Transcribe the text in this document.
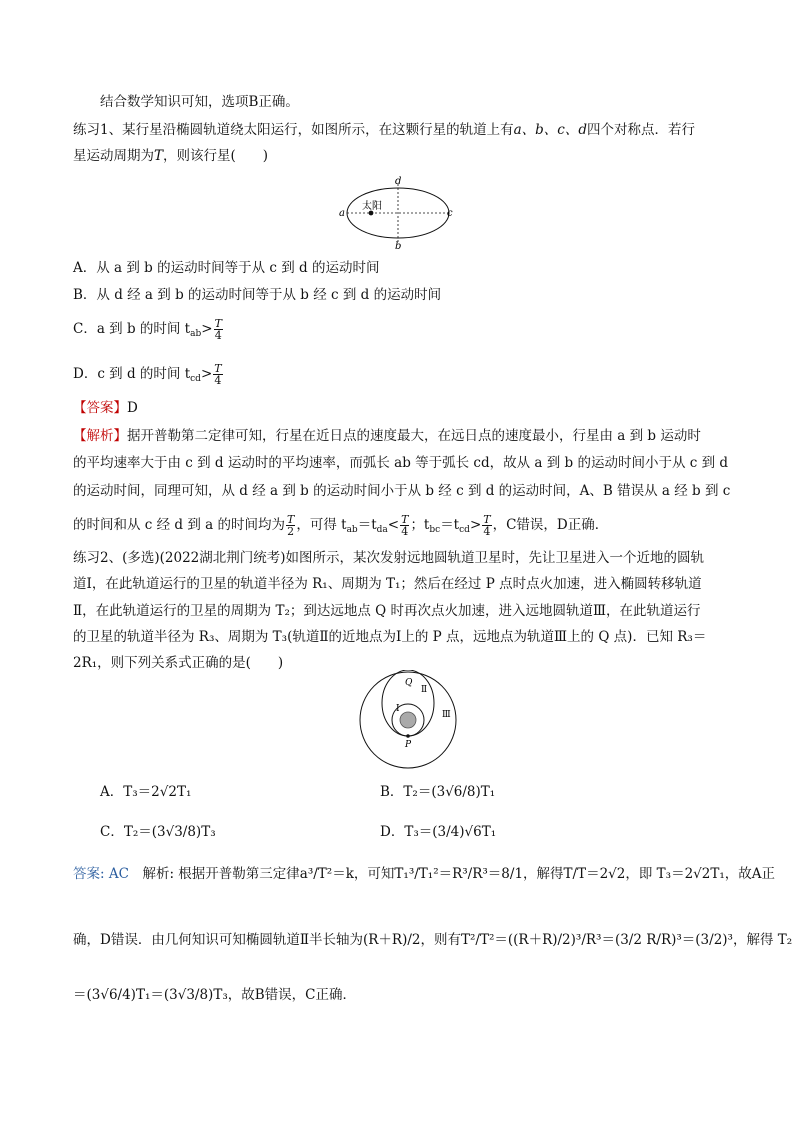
结合数学知识可知，选项B正确。
练习1、某行星沿椭圆轨道绕太阳运行，如图所示，在这颗行星的轨道上有a、b、c、d四个对称点．若行
星运动周期为T，则该行星(　　)
太阳
a	c
d
b
A．从 a 到 b 的运动时间等于从 c 到 d 的运动时间
B．从 d 经 a 到 b 的运动时间等于从 b 经 c 到 d 的运动时间
C．a 到 b 的时间 $t_{ab}> \frac{T}{4}$
D．c 到 d 的时间 $t_{cd}> \frac{T}{4}$
【答案】D
【解析】据开普勒第二定律可知，行星在近日点的速度最大，在远日点的速度最小，行星由 a 到 b 运动时
的平均速率大于由 c 到 d 运动时的平均速率，而弧长 ab 等于弧长 cd，故从 a 到 b 的运动时间小于从 c 到 d
的运动时间，同理可知，从 d 经 a 到 b 的运动时间小于从 b 经 c 到 d 的运动时间，A、B 错误从 a 经 b 到 c
的时间和从 c 经 d 到 a 的时间均为 $\frac{T}{2}$ ，可得 $t_{ab}=t_{da}< \frac{T}{4}$ ；$t_{bc}=t_{cd}> \frac{T}{4}$ ，C错误，D正确．
练习2、(多选)(2022湖北荆门统考)如图所示，某次发射远地圆轨道卫星时，先让卫星进入一个近地的圆轨
道Ⅰ，在此轨道运行的卫星的轨道半径为 R₁、周期为 T₁；然后在经过 P 点时点火加速，进入椭圆转移轨道
Ⅱ，在此轨道运行的卫星的周期为 T₂；到达远地点 Q 时再次点火加速，进入远地圆轨道Ⅲ，在此轨道运行
的卫星的轨道半径为 R₃、周期为 T₃(轨道Ⅱ的近地点为Ⅰ上的 P 点，远地点为轨道Ⅲ上的 Q 点)．已知 R₃＝
2R₁，则下列关系式正确的是(　　)
Q
P
Ⅰ
Ⅱ
Ⅲ
A．T₃＝2√2T₁	B．T₂＝(3√6/8)T₁
C．T₂＝(3√3/8)T₃	D．T₃＝(3/4)√6T₁
答案: AC　 解析: 根据开普勒第三定律a³/T²＝k，可知T₁³/T₁²＝R³/R³＝8/1，解得T/T＝2√2，即 T₃＝2√2T₁，故A正
确，D错误．由几何知识可知椭圆轨道Ⅱ半长轴为(R＋R)/2，则有T²/T²＝((R＋R)/2)³/R³＝(3/2 R/R)³＝(3/2)³，解得 T₂
＝(3√6/4)T₁＝(3√3/8)T₃，故B错误，C正确．
